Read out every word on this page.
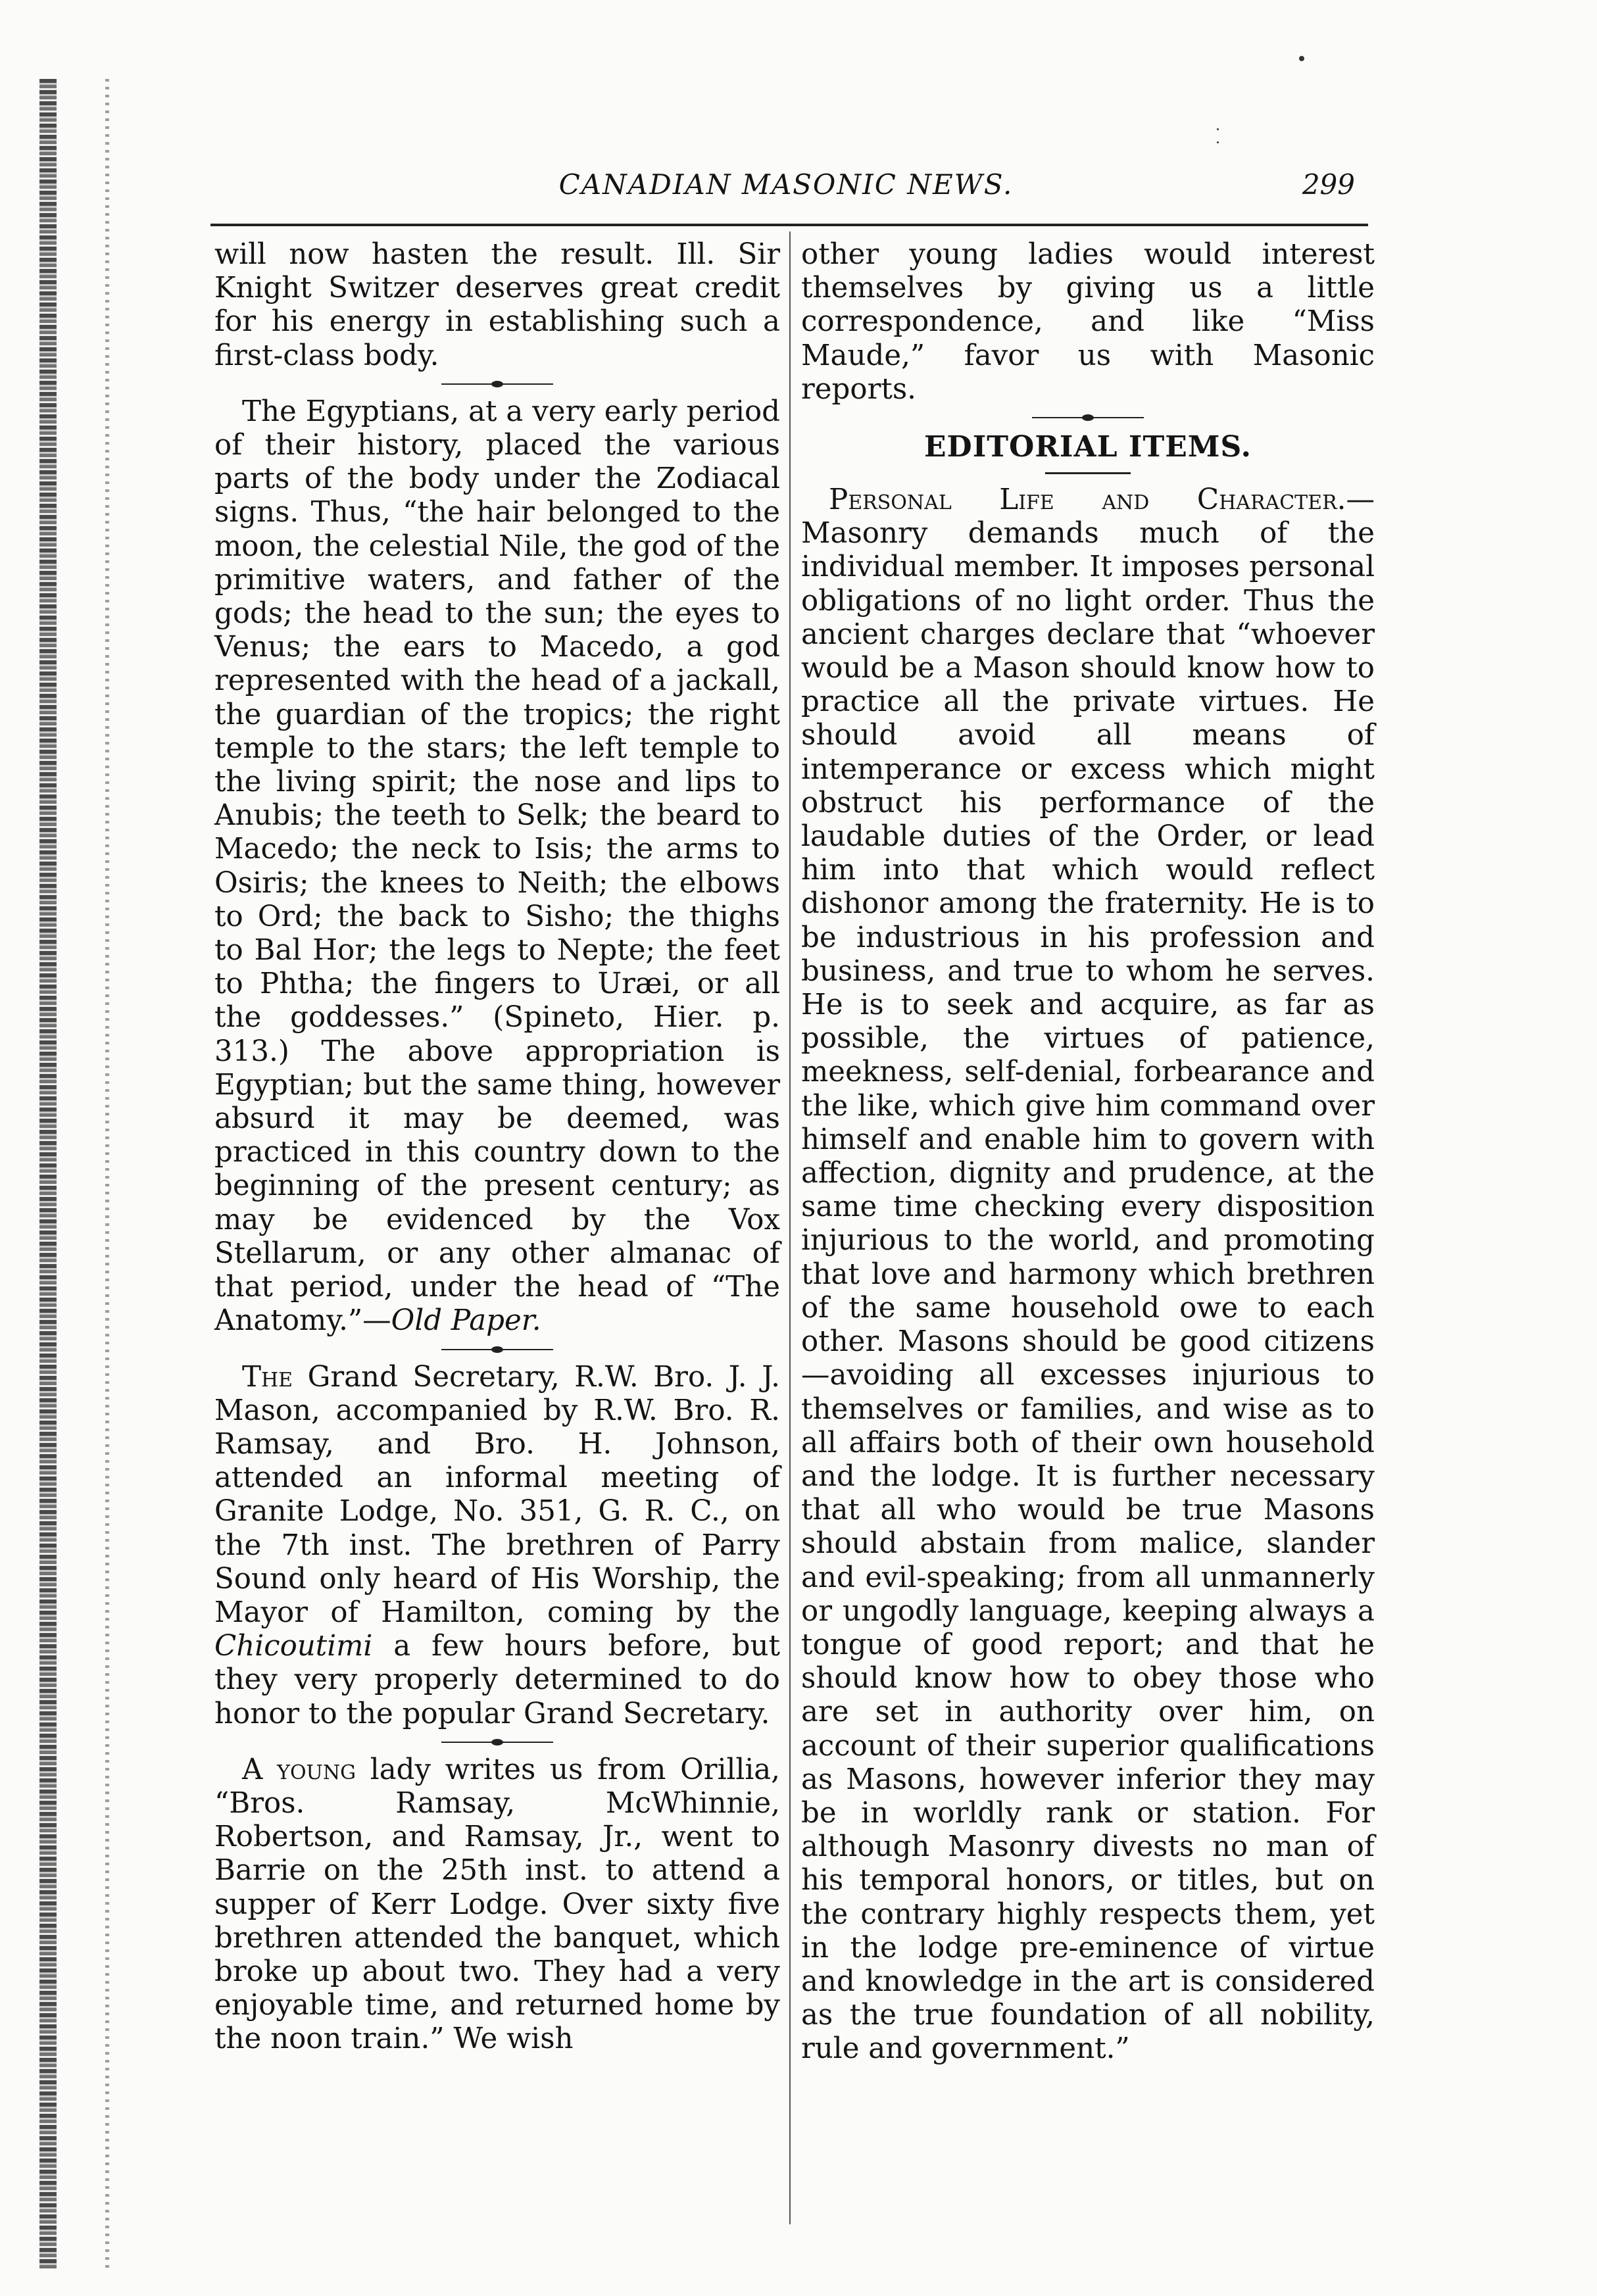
CANADIAN MASONIC NEWS.	299

will now hasten the result. Ill. Sir Knight Switzer deserves great credit for his energy in establishing such a first-class body.

The Egyptians, at a very early period of their history, placed the various parts of the body under the Zodiacal signs. Thus, “the hair belonged to the moon, the celestial Nile, the god of the primitive waters, and father of the gods; the head to the sun; the eyes to Venus; the ears to Macedo, a god represented with the head of a jackall, the guardian of the tropics; the right temple to the stars; the left temple to the living spirit; the nose and lips to Anubis; the teeth to Selk; the beard to Macedo; the neck to Isis; the arms to Osiris; the knees to Neith; the elbows to Ord; the back to Sisho; the thighs to Bal Hor; the legs to Nepte; the feet to Phtha; the fingers to Uræi, or all the goddesses.” (Spineto, Hier. p. 313.) The above appropriation is Egyptian; but the same thing, however absurd it may be deemed, was practiced in this country down to the beginning of the present century; as may be evidenced by the Vox Stellarum, or any other almanac of that period, under the head of “The Anatomy.”—Old Paper.

The Grand Secretary, R.W. Bro. J. J. Mason, accompanied by R.W. Bro. R. Ramsay, and Bro. H. Johnson, attended an informal meeting of Granite Lodge, No. 351, G. R. C., on the 7th inst. The brethren of Parry Sound only heard of His Worship, the Mayor of Hamilton, coming by the Chicoutimi a few hours before, but they very properly determined to do honor to the popular Grand Secretary.

A young lady writes us from Orillia, “Bros. Ramsay, McWhinnie, Robertson, and Ramsay, Jr., went to Barrie on the 25th inst. to attend a supper of Kerr Lodge. Over sixty five brethren attended the banquet, which broke up about two. They had a very enjoyable time, and returned home by the noon train.” We wish

other young ladies would interest themselves by giving us a little correspondence, and like “Miss Maude,” favor us with Masonic reports.

EDITORIAL ITEMS.

Personal Life and Character.—Masonry demands much of the individual member. It imposes personal obligations of no light order. Thus the ancient charges declare that “whoever would be a Mason should know how to practice all the private virtues. He should avoid all means of intemperance or excess which might obstruct his performance of the laudable duties of the Order, or lead him into that which would reflect dishonor among the fraternity. He is to be industrious in his profession and business, and true to whom he serves. He is to seek and acquire, as far as possible, the virtues of patience, meekness, self-denial, forbearance and the like, which give him command over himself and enable him to govern with affection, dignity and prudence, at the same time checking every disposition injurious to the world, and promoting that love and harmony which brethren of the same household owe to each other. Masons should be good citizens—avoiding all excesses injurious to themselves or families, and wise as to all affairs both of their own household and the lodge. It is further necessary that all who would be true Masons should abstain from malice, slander and evil-speaking; from all unmannerly or ungodly language, keeping always a tongue of good report; and that he should know how to obey those who are set in authority over him, on account of their superior qualifications as Masons, however inferior they may be in worldly rank or station. For although Masonry divests no man of his temporal honors, or titles, but on the contrary highly respects them, yet in the lodge pre-eminence of virtue and knowledge in the art is considered as the true foundation of all nobility, rule and government.”
